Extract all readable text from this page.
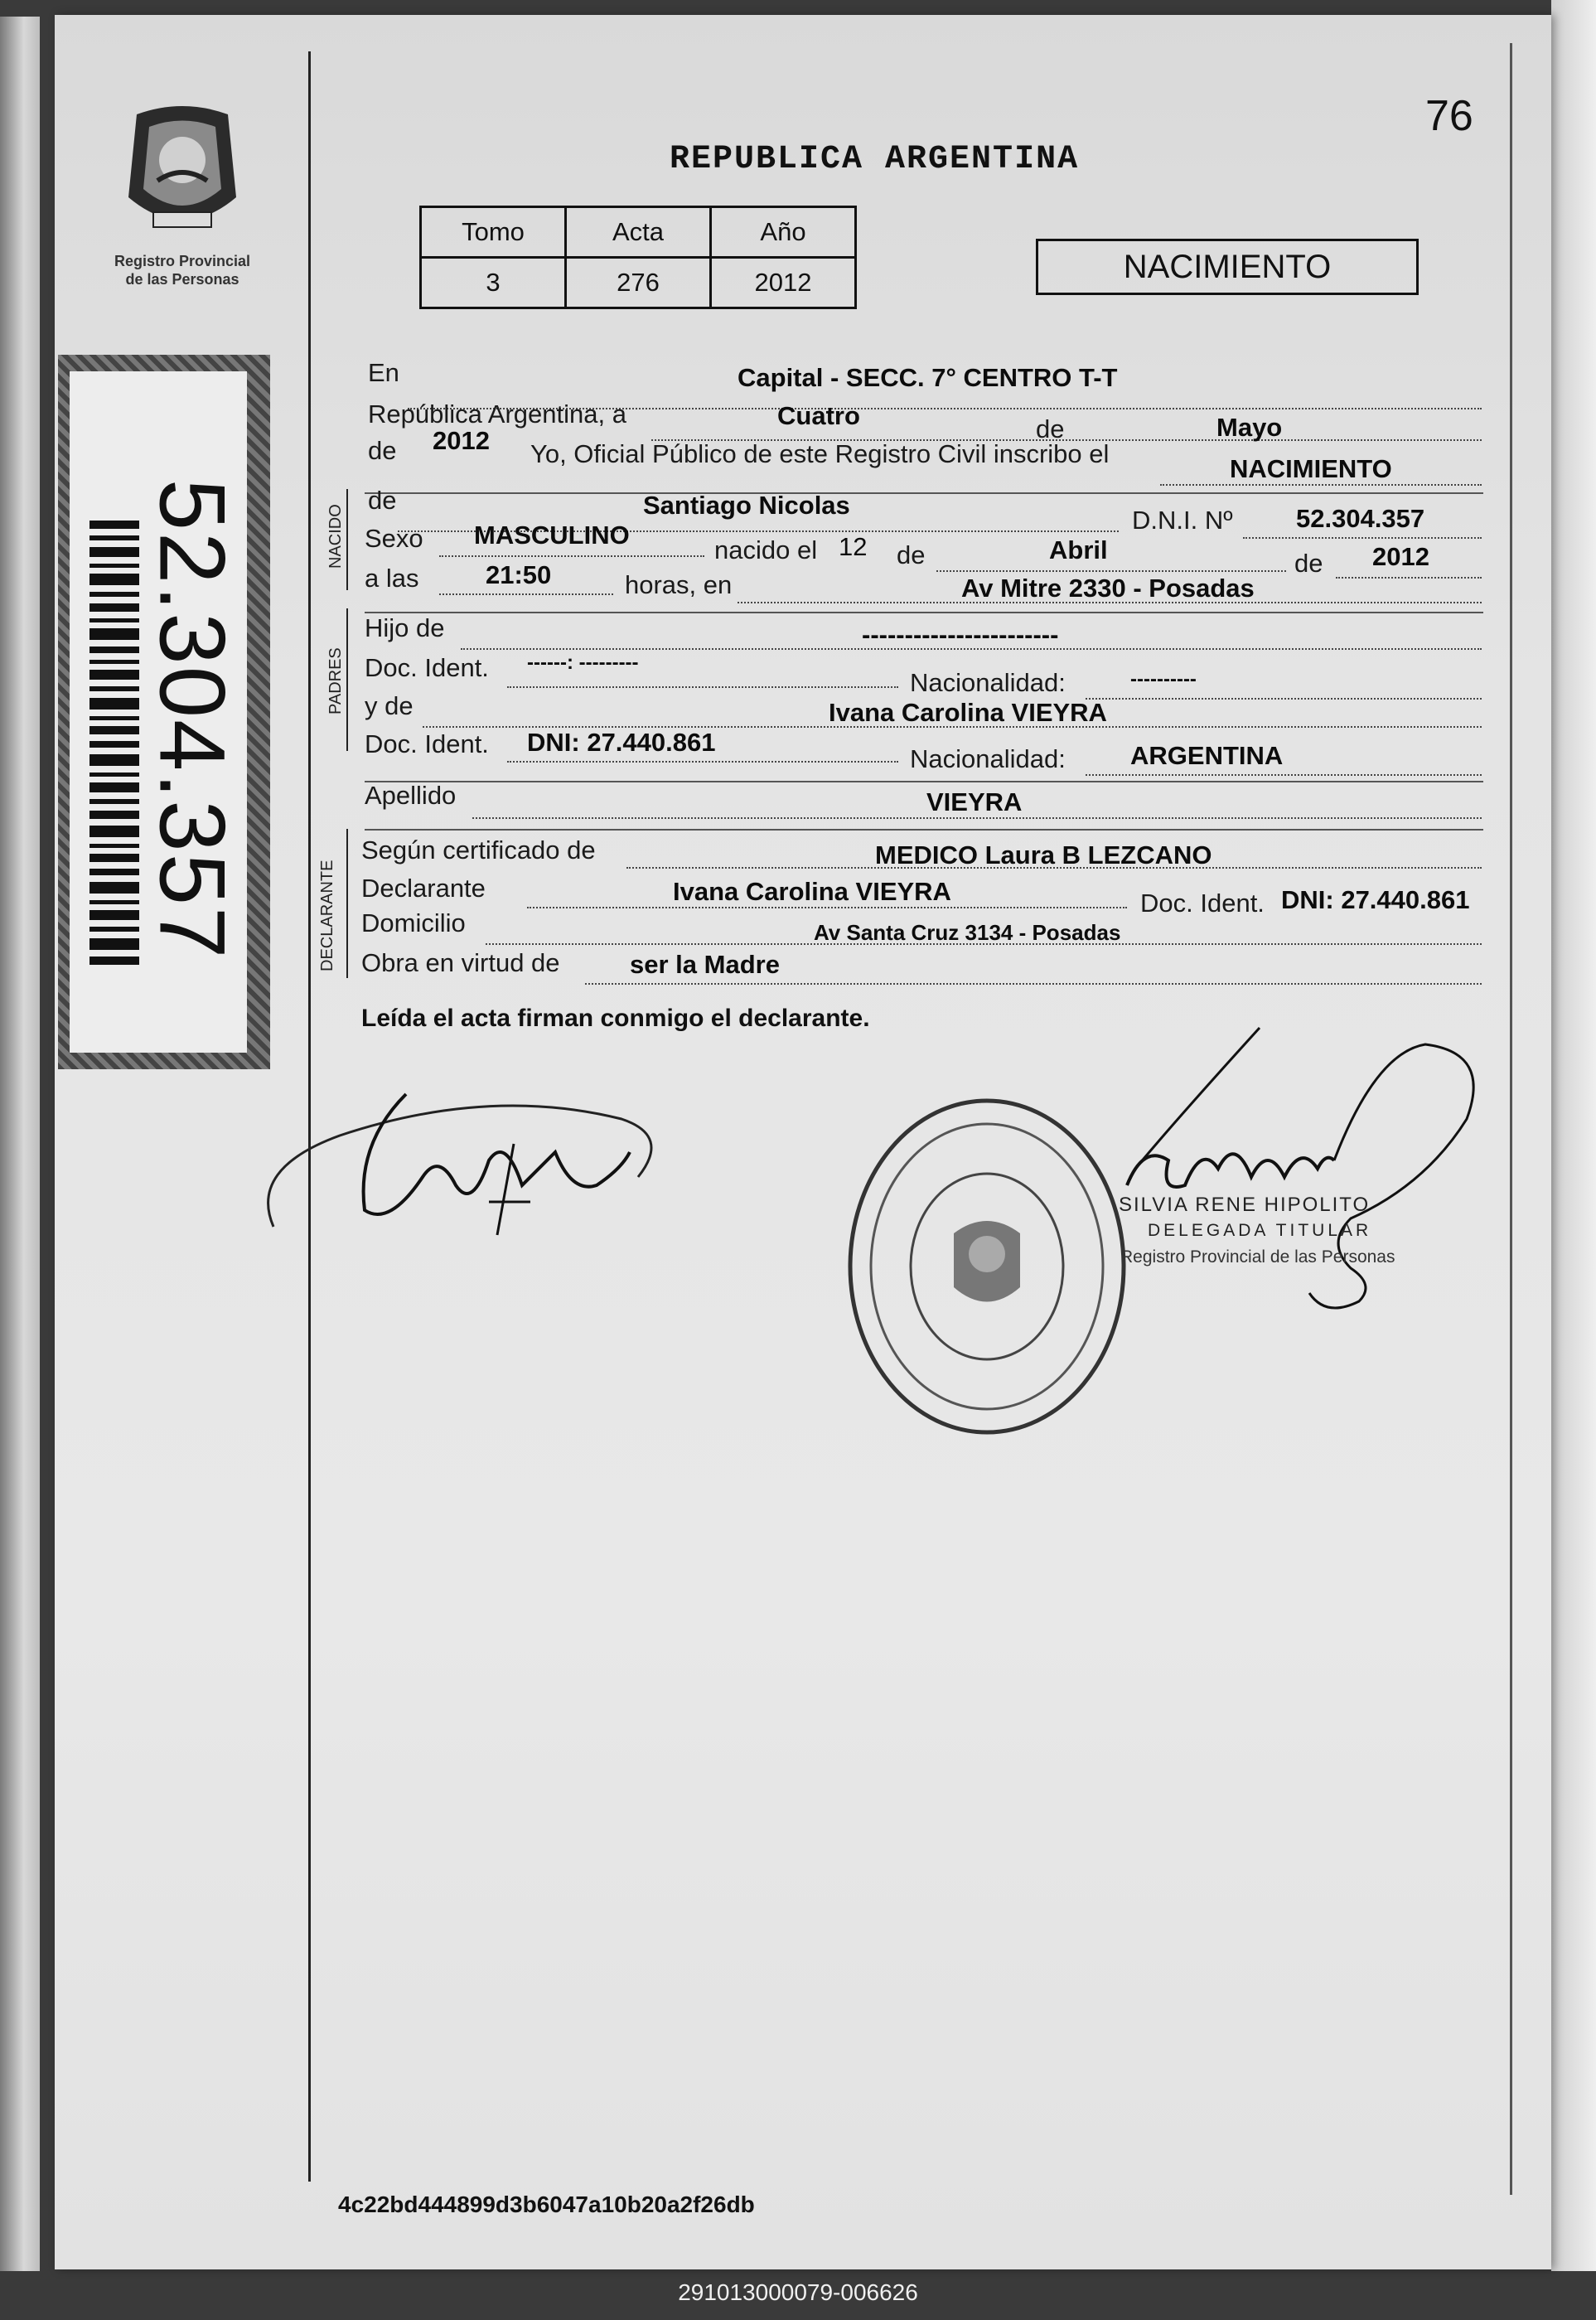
Registro Provincial
de las Personas
52.304.357
76
REPUBLICA ARGENTINA
Tomo	Acta	Año
3	276	2012	NACIMIENTO
NACIDO
PADRES
DECLARANTE
En	Capital - SECC. 7° CENTRO T-T
República Argentina, a	Cuatro	de	Mayo
de 2012 Yo, Oficial Público de este Registro Civil inscribo el
NACIMIENTO
de	Santiago Nicolas
D.N.I. Nº 52.304.357
Sexo MASCULINO
nacido el 12 de	Abril	de 2012
a las	21:50	horas, en	Av Mitre 2330 - Posadas
Hijo de	-----------------------
Doc. Ident. ------: ---------
Nacionalidad:	----------
y de	Ivana Carolina VIEYRA
Doc. Ident. DNI: 27.440.861
Nacionalidad:	ARGENTINA
Apellido	VIEYRA
Según certificado de	MEDICO Laura B LEZCANO
Declarante	Ivana Carolina VIEYRA	Doc. Ident. DNI: 27.440.861
Domicilio	Av Santa Cruz 3134 - Posadas
Obra en virtud de	ser la Madre
Leída el acta firman conmigo el declarante.
SILVIA RENE HIPOLITO
DELEGADA TITULAR
Registro Provincial de las Personas
4c22bd444899d3b6047a10b20a2f26db
291013000079-006626
